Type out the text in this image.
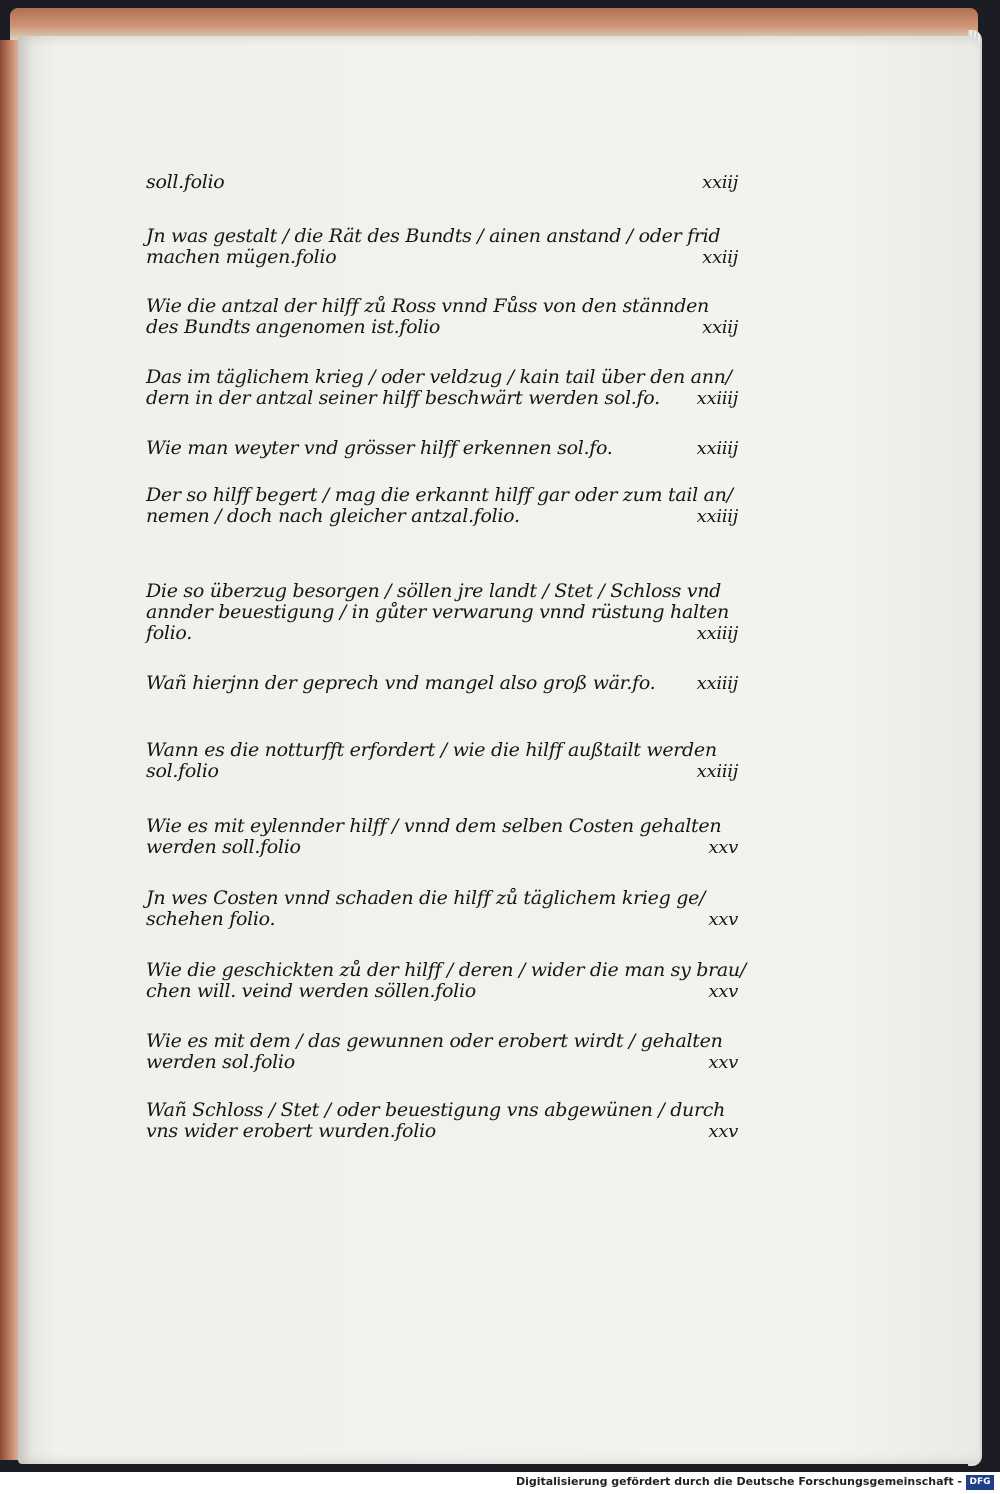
soll.folio	xxiij
Jn was gestalt / die Rät des Bundts / ainen anstand / oder frid
machen mügen.folio	xxiij
Wie die antzal der hilff zů Ross vnnd Fůss von den stännden
des Bundts angenomen ist.folio	xxiij
Das im täglichem krieg / oder veldzug / kain tail über den ann/
dern in der antzal seiner hilff beschwärt werden sol.fo.	xxiiij
Wie man weyter vnd grösser hilff erkennen sol.fo.	xxiiij
Der so hilff begert / mag die erkannt hilff gar oder zum tail an/
nemen / doch nach gleicher antzal.folio.	xxiiij
Die so überzug besorgen / söllen jre landt / Stet / Schloss vnd
annder beuestigung / in gůter verwarung vnnd rüstung halten
folio.	xxiiij
Wañ hierjnn der geprech vnd mangel also groß wär.fo.	xxiiij
Wann es die notturfft erfordert / wie die hilff außtailt werden
sol.folio	xxiiij
Wie es mit eylennder hilff / vnnd dem selben Costen gehalten
werden soll.folio	xxv
Jn wes Costen vnnd schaden die hilff zů täglichem krieg ge/
schehen folio.	xxv
Wie die geschickten zů der hilff / deren / wider die man sy brau/
chen will. veind werden söllen.folio	xxv
Wie es mit dem / das gewunnen oder erobert wirdt / gehalten
werden sol.folio	xxv
Wañ Schloss / Stet / oder beuestigung vns abgewünen / durch
vns wider erobert wurden.folio	xxv
Digitalisierung gefördert durch die Deutsche Forschungsgemeinschaft - DFG
